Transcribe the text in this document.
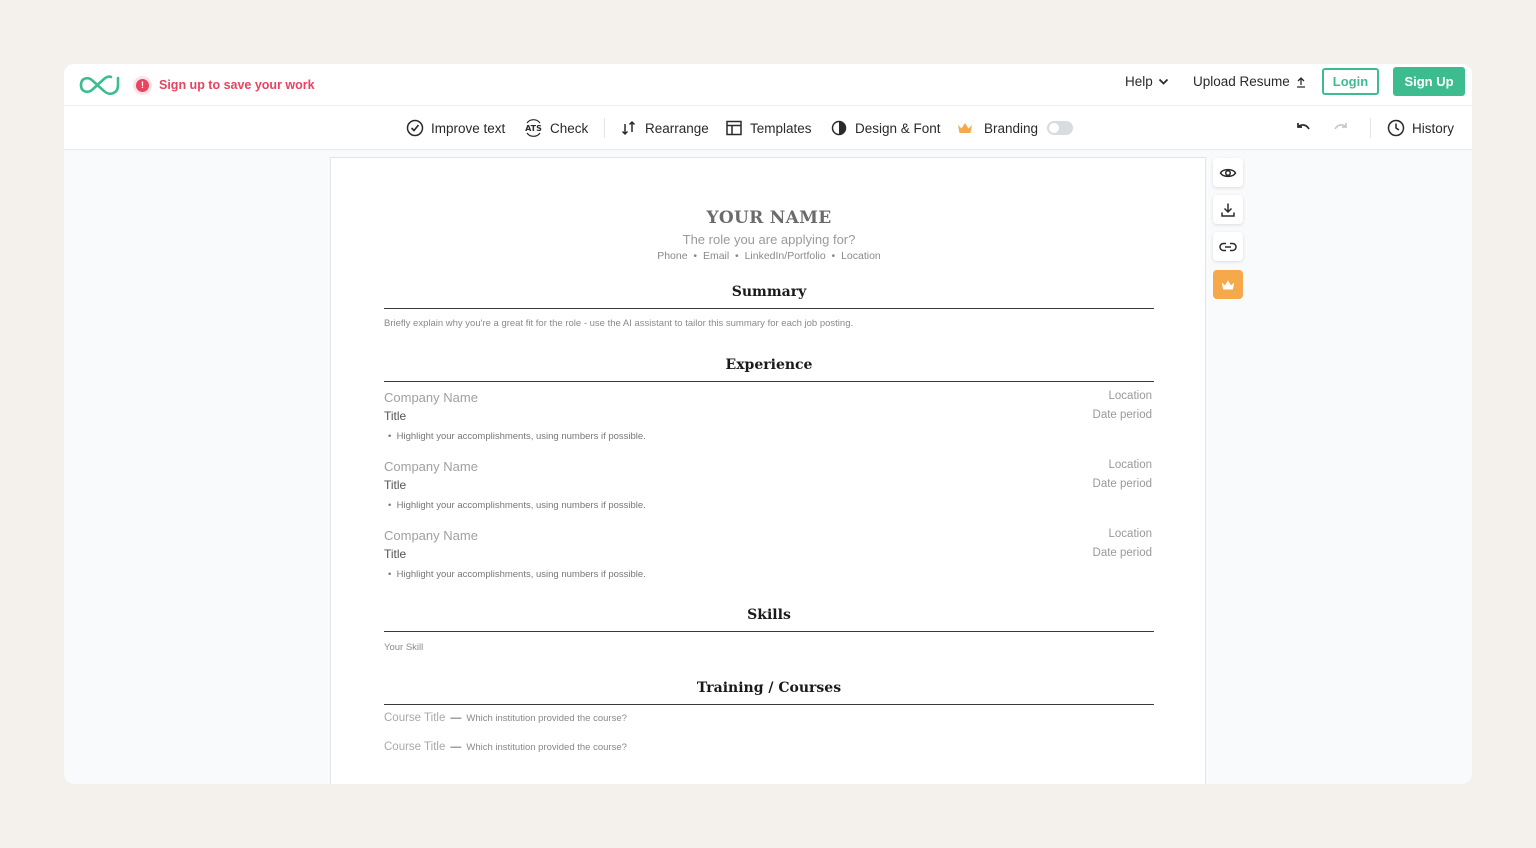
!	Sign up to save your work	Help	Upload Resume	Login	Sign Up
Improve text ATS Check	Rearrange	Templates	Design & Font	Branding	History
YOUR NAME
The role you are applying for?
Phone  •  Email  •  LinkedIn/Portfolio  •  Location
Summary
Briefly explain why you're a great fit for the role - use the AI assistant to tailor this summary for each job posting.
Experience
Company Name	Location
Title	Date period
•  Highlight your accomplishments, using numbers if possible.
Company Name	Location
Title	Date period
•  Highlight your accomplishments, using numbers if possible.
Company Name	Location
Title	Date period
•  Highlight your accomplishments, using numbers if possible.
Skills
Your Skill
Training / Courses
Course Title — Which institution provided the course?
Course Title — Which institution provided the course?
